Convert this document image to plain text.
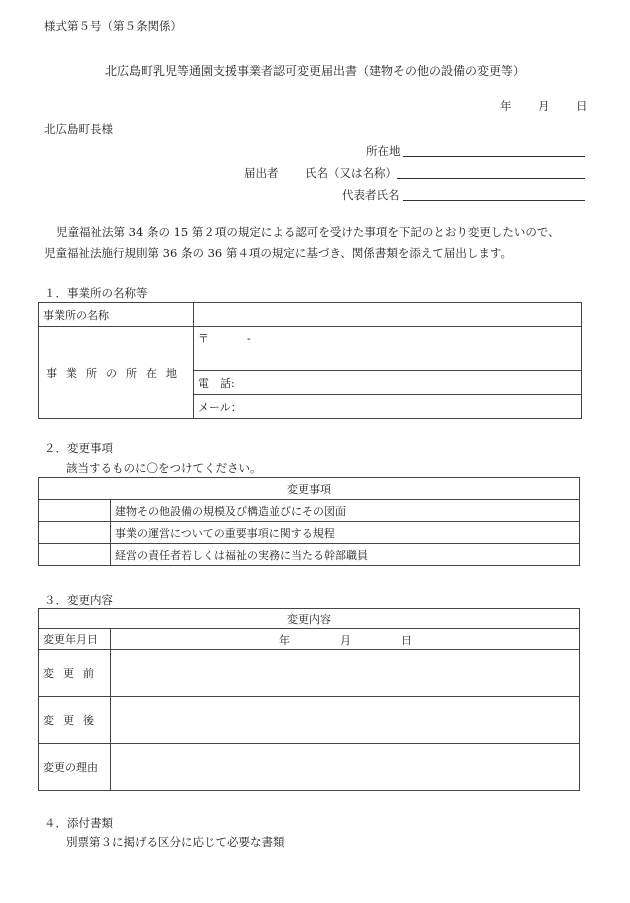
様式第５号（第５条関係）
北広島町乳児等通園支援事業者認可変更届出書（建物その他の設備の変更等）
年 月 日
北広島町長様
所在地
届出者 氏名（又は名称）
代表者氏名
児童福祉法第 34 条の 15 第２項の規定による認可を受けた事項を下記のとおり変更したいので、
児童福祉法施行規則第 36 条の 36 第４項の規定に基づき、関係書類を添えて届出します。
１．事業所の名称等
事業所の名称	
事業所の所在地	〒 -
	電　話:
	メール：
２．変更事項
該当するものに〇をつけてください。
変更事項	
	建物その他設備の規模及び構造並びにその図面
	事業の運営についての重要事項に関する規程
	経営の責任者若しくは福祉の実務に当たる幹部職員
３．変更内容
変更内容	
変更年月日	年 月 日

変更前	
変更後	
変更の理由	
４．添付書類
別票第３に掲げる区分に応じて必要な書類
